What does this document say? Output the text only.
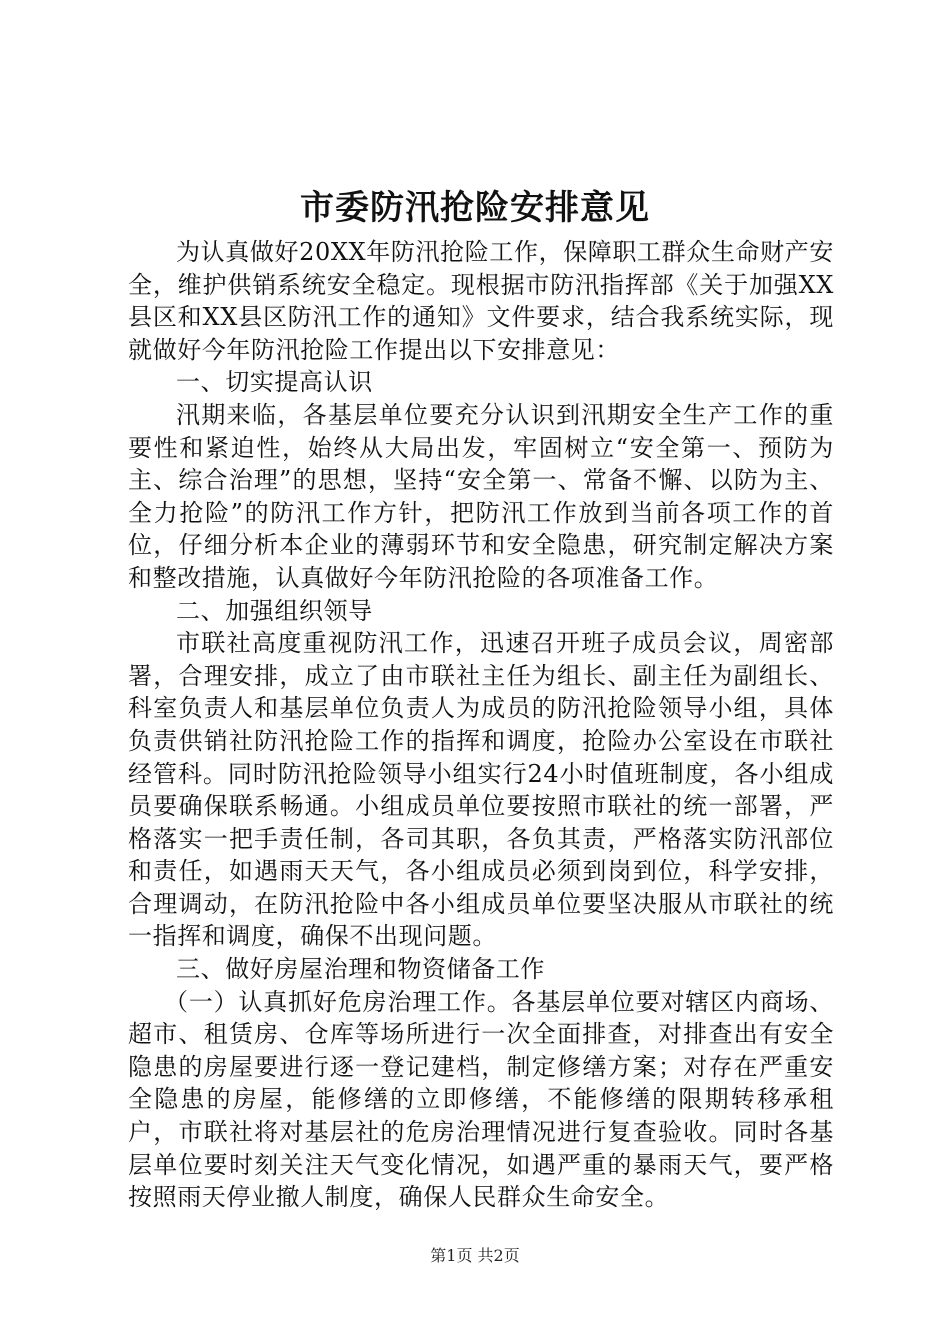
市委防汛抢险安排意见

为认真做好20XX年防汛抢险工作，保障职工群众生命财产安全，维护供销系统安全稳定。现根据市防汛指挥部《关于加强XX县区和XX县区防汛工作的通知》文件要求，结合我系统实际，现就做好今年防汛抢险工作提出以下安排意见：

一、切实提高认识

汛期来临，各基层单位要充分认识到汛期安全生产工作的重要性和紧迫性，始终从大局出发，牢固树立“安全第一、预防为主、综合治理”的思想，坚持“安全第一、常备不懈、以防为主、全力抢险”的防汛工作方针，把防汛工作放到当前各项工作的首位，仔细分析本企业的薄弱环节和安全隐患，研究制定解决方案和整改措施，认真做好今年防汛抢险的各项准备工作。

二、加强组织领导

市联社高度重视防汛工作，迅速召开班子成员会议，周密部署，合理安排，成立了由市联社主任为组长、副主任为副组长、科室负责人和基层单位负责人为成员的防汛抢险领导小组，具体负责供销社防汛抢险工作的指挥和调度，抢险办公室设在市联社经管科。同时防汛抢险领导小组实行24小时值班制度，各小组成员要确保联系畅通。小组成员单位要按照市联社的统一部署，严格落实一把手责任制，各司其职，各负其责，严格落实防汛部位和责任，如遇雨天天气，各小组成员必须到岗到位，科学安排，合理调动，在防汛抢险中各小组成员单位要坚决服从市联社的统一指挥和调度，确保不出现问题。

三、做好房屋治理和物资储备工作

（一）认真抓好危房治理工作。各基层单位要对辖区内商场、超市、租赁房、仓库等场所进行一次全面排查，对排查出有安全隐患的房屋要进行逐一登记建档，制定修缮方案；对存在严重安全隐患的房屋，能修缮的立即修缮，不能修缮的限期转移承租户，市联社将对基层社的危房治理情况进行复查验收。同时各基层单位要时刻关注天气变化情况，如遇严重的暴雨天气，要严格按照雨天停业撤人制度，确保人民群众生命安全。

第1页 共2页
